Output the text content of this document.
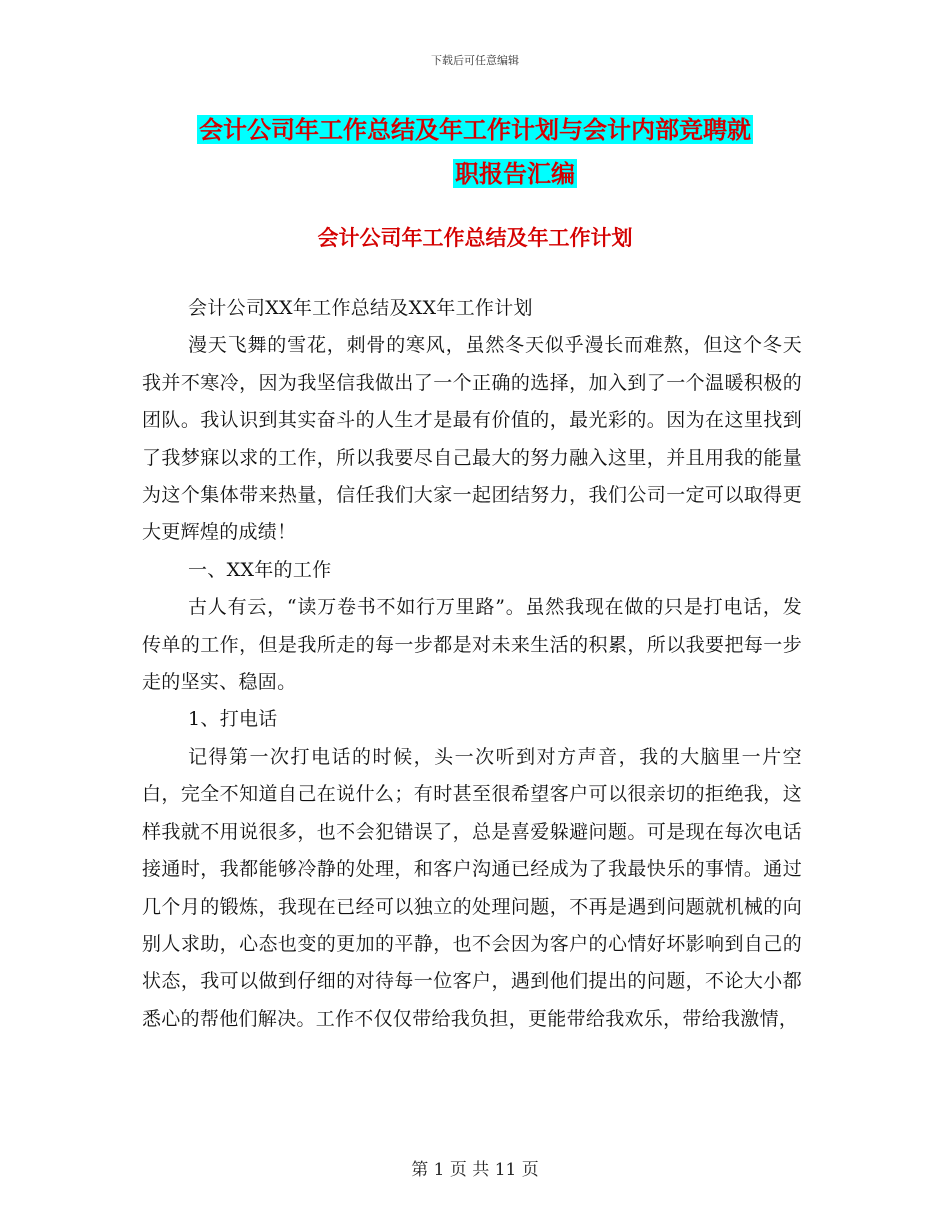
下载后可任意编辑
会计公司年工作总结及年工作计划与会计内部竞聘就
职报告汇编
会计公司年工作总结及年工作计划

会计公司XX年工作总结及XX年工作计划

漫天飞舞的雪花，刺骨的寒风，虽然冬天似乎漫长而难熬，但这个冬天我并不寒冷，因为我坚信我做出了一个正确的选择，加入到了一个温暖积极的团队。我认识到其实奋斗的人生才是最有价值的，最光彩的。因为在这里找到了我梦寐以求的工作，所以我要尽自己最大的努力融入这里，并且用我的能量为这个集体带来热量，信任我们大家一起团结努力，我们公司一定可以取得更大更辉煌的成绩！

一、XX年的工作

古人有云，“读万卷书不如行万里路”。虽然我现在做的只是打电话，发传单的工作，但是我所走的每一步都是对未来生活的积累，所以我要把每一步走的坚实、稳固。

1、打电话

记得第一次打电话的时候，头一次听到对方声音，我的大脑里一片空白，完全不知道自己在说什么；有时甚至很希望客户可以很亲切的拒绝我，这样我就不用说很多，也不会犯错误了，总是喜爱躲避问题。可是现在每次电话接通时，我都能够冷静的处理，和客户沟通已经成为了我最快乐的事情。通过几个月的锻炼，我现在已经可以独立的处理问题，不再是遇到问题就机械的向别人求助，心态也变的更加的平静，也不会因为客户的心情好坏影响到自己的状态，我可以做到仔细的对待每一位客户，遇到他们提出的问题，不论大小都悉心的帮他们解决。工作不仅仅带给我负担，更能带给我欢乐，带给我激情，

第 1 页 共 11 页
